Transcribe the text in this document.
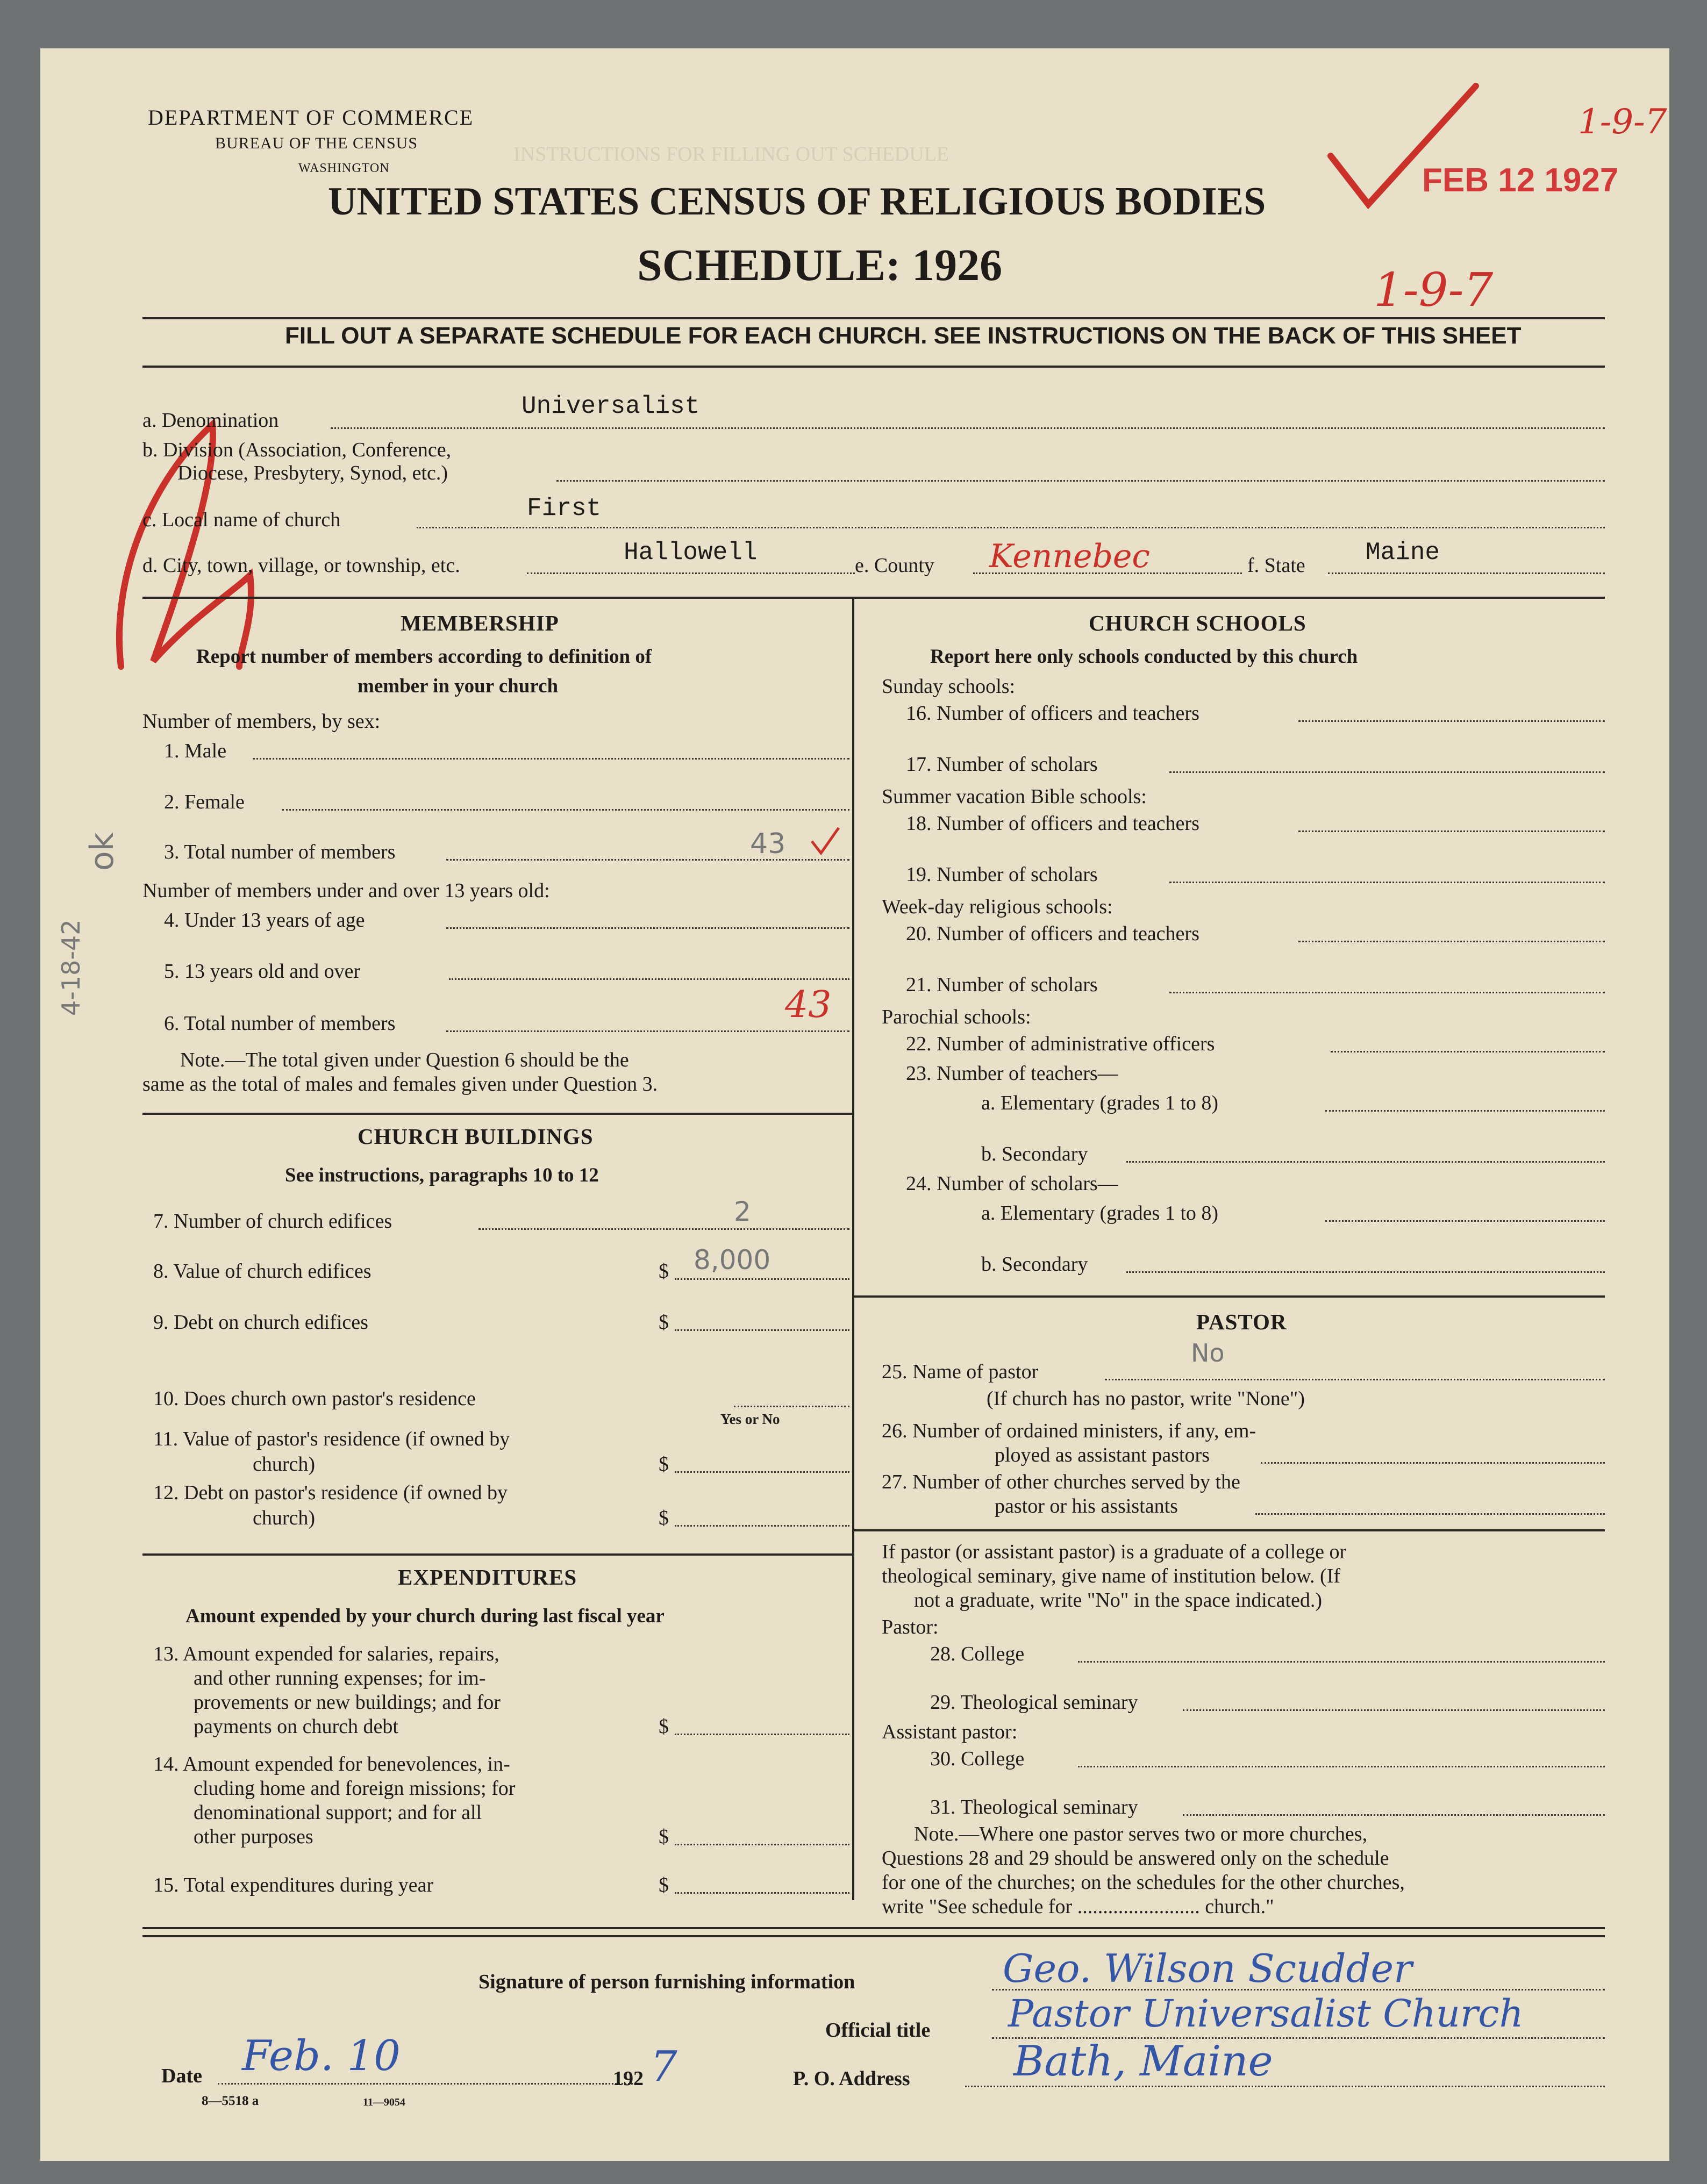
INSTRUCTIONS FOR FILLING OUT SCHEDULE
DEPARTMENT OF COMMERCE
BUREAU OF THE CENSUS
WASHINGTON
UNITED STATES CENSUS OF RELIGIOUS BODIES
SCHEDULE: 1926
FEB 12 1927
1-9-7
1-9-7
FILL OUT A SEPARATE SCHEDULE FOR EACH CHURCH. SEE INSTRUCTIONS ON THE BACK OF THIS SHEET
a. Denomination	Universalist
b. Division (Association, Conference,
Diocese, Presbytery, Synod, etc.)
c. Local name of church	First
d. City, town, village, or township, etc.	Hallowell	e. County Kennebec	f. State Maine
MEMBERSHIP
Report number of members according to definition of
member in your church
Number of members, by sex:
1. Male
2. Female
3. Total number of members	43
Number of members under and over 13 years old:
4. Under 13 years of age
5. 13 years old and over
6. Total number of members	43
Note.—The total given under Question 6 should be the
same as the total of males and females given under Question 3.
CHURCH BUILDINGS
See instructions, paragraphs 10 to 12
7. Number of church edifices	2
8. Value of church edifices	$ 8,000
9. Debt on church edifices	$
10. Does church own pastor's residence
Yes or No
11. Value of pastor's residence (if owned by
church)	$
12. Debt on pastor's residence (if owned by
church)	$
EXPENDITURES
Amount expended by your church during last fiscal year
13. Amount expended for salaries, repairs,
and other running expenses; for im-
provements or new buildings; and for
payments on church debt	$
14. Amount expended for benevolences, in-
cluding home and foreign missions; for
denominational support; and for all
other purposes	$
15. Total expenditures during year	$
CHURCH SCHOOLS
Report here only schools conducted by this church
Sunday schools:
16. Number of officers and teachers
17. Number of scholars
Summer vacation Bible schools:
18. Number of officers and teachers
19. Number of scholars
Week-day religious schools:
20. Number of officers and teachers
21. Number of scholars
Parochial schools:
22. Number of administrative officers
23. Number of teachers—
a. Elementary (grades 1 to 8)
b. Secondary
24. Number of scholars—
a. Elementary (grades 1 to 8)
b. Secondary
PASTOR
No
25. Name of pastor
(If church has no pastor, write "None")
26. Number of ordained ministers, if any, em-
ployed as assistant pastors
27. Number of other churches served by the
pastor or his assistants
If pastor (or assistant pastor) is a graduate of a college or
theological seminary, give name of institution below. (If
not a graduate, write "No" in the space indicated.)
Pastor:
28. College
29. Theological seminary
Assistant pastor:
30. College
31. Theological seminary
Note.—Where one pastor serves two or more churches,
Questions 28 and 29 should be answered only on the schedule
for one of the churches; on the schedules for the other churches,
write "See schedule for ........................ church."
Signature of person furnishing information	Geo. Wilson Scudder
Official title Pastor Universalist Church
Date Feb. 10	192 7	P. O. Address Bath, Maine
8—5518 a	11—9054
4-18-42
ok
